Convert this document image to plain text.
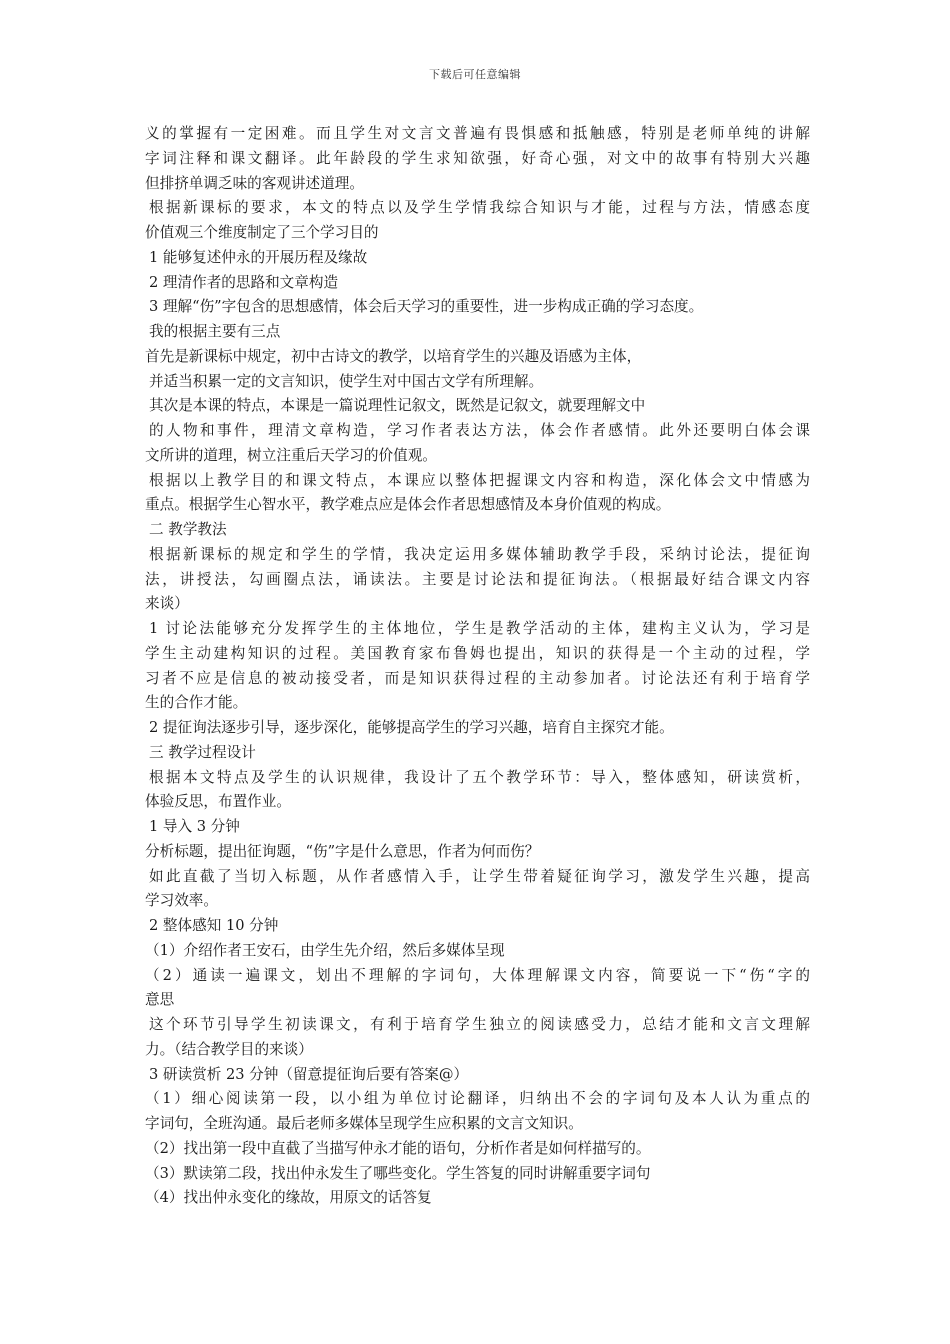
下载后可任意编辑
义的掌握有一定困难。而且学生对文言文普遍有畏惧感和抵触感，特别是老师单纯的讲解
字词注释和课文翻译。此年龄段的学生求知欲强，好奇心强，对文中的故事有特别大兴趣
但排挤单调乏味的客观讲述道理。
根据新课标的要求，本文的特点以及学生学情我综合知识与才能，过程与方法，情感态度
价值观三个维度制定了三个学习目的
1 能够复述仲永的开展历程及缘故
2 理清作者的思路和文章构造
3 理解“伤”字包含的思想感情，体会后天学习的重要性，进一步构成正确的学习态度。
我的根据主要有三点
首先是新课标中规定，初中古诗文的教学，以培育学生的兴趣及语感为主体，
并适当积累一定的文言知识，使学生对中国古文学有所理解。
其次是本课的特点，本课是一篇说理性记叙文，既然是记叙文，就要理解文中
的人物和事件，理清文章构造，学习作者表达方法，体会作者感情。此外还要明白体会课
文所讲的道理，树立注重后天学习的价值观。
根据以上教学目的和课文特点，本课应以整体把握课文内容和构造，深化体会文中情感为
重点。根据学生心智水平，教学难点应是体会作者思想感情及本身价值观的构成。
二 教学教法
根据新课标的规定和学生的学情，我决定运用多媒体辅助教学手段，采纳讨论法，提征询
法，讲授法，勾画圈点法，诵读法。主要是讨论法和提征询法。（根据最好结合课文内容
来谈）
1 讨论法能够充分发挥学生的主体地位，学生是教学活动的主体，建构主义认为，学习是
学生主动建构知识的过程。美国教育家布鲁姆也提出，知识的获得是一个主动的过程，学
习者不应是信息的被动接受者，而是知识获得过程的主动参加者。讨论法还有利于培育学
生的合作才能。
2 提征询法逐步引导，逐步深化，能够提高学生的学习兴趣，培育自主探究才能。
三 教学过程设计
根据本文特点及学生的认识规律，我设计了五个教学环节：导入，整体感知，研读赏析，
体验反思，布置作业。
1 导入 3 分钟
分析标题，提出征询题，“伤”字是什么意思，作者为何而伤？
如此直截了当切入标题，从作者感情入手，让学生带着疑征询学习，激发学生兴趣，提高
学习效率。
2 整体感知 10 分钟
（1）介绍作者王安石，由学生先介绍，然后多媒体呈现
（2）通读一遍课文，划出不理解的字词句，大体理解课文内容，简要说一下“伤“字的
意思
这个环节引导学生初读课文，有利于培育学生独立的阅读感受力，总结才能和文言文理解
力。（结合教学目的来谈）
3 研读赏析 23 分钟（留意提征询后要有答案@）
（1）细心阅读第一段，以小组为单位讨论翻译，归纳出不会的字词句及本人认为重点的
字词句，全班沟通。最后老师多媒体呈现学生应积累的文言文知识。
（2）找出第一段中直截了当描写仲永才能的语句，分析作者是如何样描写的。
（3）默读第二段，找出仲永发生了哪些变化。学生答复的同时讲解重要字词句
（4）找出仲永变化的缘故，用原文的话答复
